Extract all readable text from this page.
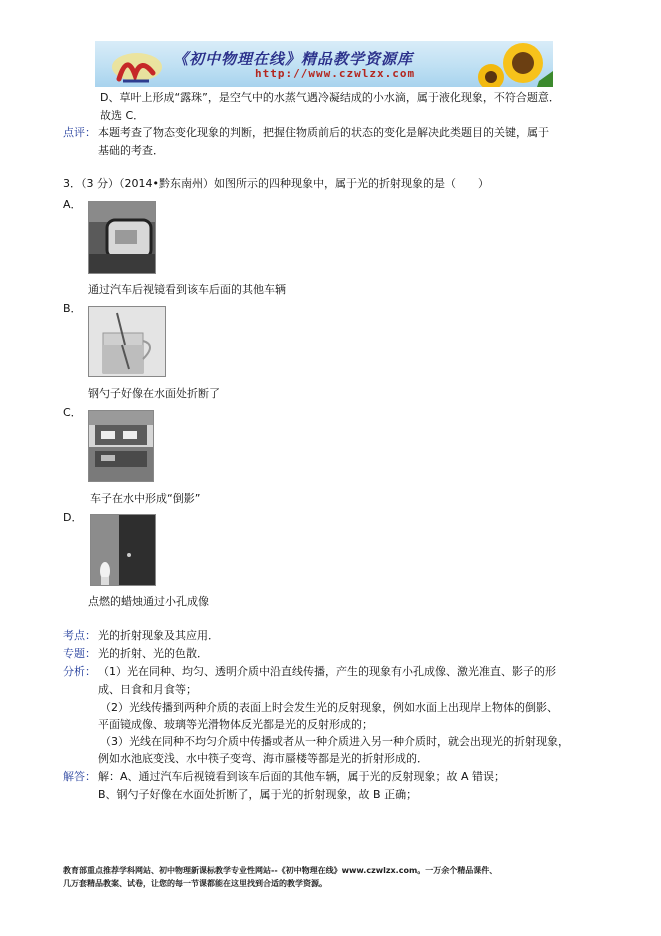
《初中物理在线》精品教学资源库
http://www.czwlzx.com
D、草叶上形成“露珠”，是空气中的水蒸气遇冷凝结成的小水滴，属于液化现象，不符合题意．
故选 C．
点评： 本题考查了物态变化现象的判断，把握住物质前后的状态的变化是解决此类题目的关键，属于
基础的考查．
3．（3 分）（2014•黔东南州）如图所示的四种现象中，属于光的折射现象的是（　　）
A．
通过汽车后视镜看到该车后面的其他车辆
B．
钢勺子好像在水面处折断了
C．
车子在水中形成“倒影”
D．
点燃的蜡烛通过小孔成像
考点： 光的折射现象及其应用．
专题： 光的折射、光的色散．
分析： （1）光在同种、均匀、透明介质中沿直线传播，产生的现象有小孔成像、激光准直、影子的形
成、日食和月食等；
（2）光线传播到两种介质的表面上时会发生光的反射现象，例如水面上出现岸上物体的倒影、
平面镜成像、玻璃等光滑物体反光都是光的反射形成的；
（3）光线在同种不均匀介质中传播或者从一种介质进入另一种介质时，就会出现光的折射现象，
例如水池底变浅、水中筷子变弯、海市蜃楼等都是光的折射形成的．
解答： 解：A、通过汽车后视镜看到该车后面的其他车辆，属于光的反射现象；故 A 错误；
B、钢勺子好像在水面处折断了，属于光的折射现象，故 B 正确；
教育部重点推荐学科网站、初中物理新课标教学专业性网站--《初中物理在线》www.czwlzx.com。一万余个精品课件、
几万套精品教案、试卷，让您的每一节课都能在这里找到合适的教学资源。
